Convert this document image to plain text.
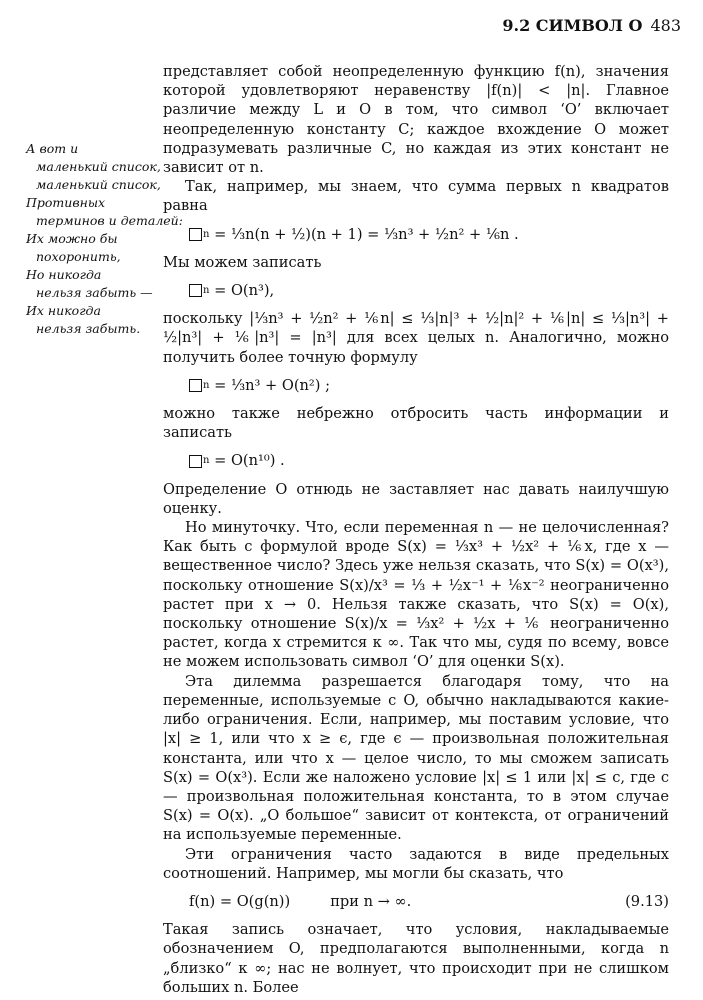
9.2 СИМВОЛ O 483
А вот и
маленький список,
маленький список,
Противных
терминов и деталей:
Их можно бы
похоронить,
Но никогда
нельзя забыть —
Их никогда
нельзя забыть.

представляет собой неопределенную функцию f(n), значения которой удовлетворяют неравенству |f(n)| < |n|. Главное различие между L и O в том, что символ ‘O’ включает неопределенную константу C; каждое вхождение O может подразумевать различные C, но каждая из этих констант не зависит от n.

Так, например, мы знаем, что сумма первых n квадратов равна

n
= ⅓n(n + ½)(n + 1) = ⅓n³ + ½n² + ⅙n .

Мы можем записать

n
= O(n³),

поскольку |⅓n³ + ½n² + ⅙n| ≤ ⅓|n|³ + ½|n|² + ⅙|n| ≤ ⅓|n³| + ½|n³| + ⅙|n³| = |n³| для всех целых n. Аналогично, можно получить более точную формулу

n
= ⅓n³ + O(n²) ;

можно также небрежно отбросить часть информации и записать

n
= O(n¹⁰) .

Определение O отнюдь не заставляет нас давать наилучшую оценку.

Но минуточку. Что, если переменная n — не целочисленная? Как быть с формулой вроде S(x) = ⅓x³ + ½x² + ⅙x, где x — вещественное число? Здесь уже нельзя сказать, что S(x) = O(x³), поскольку отношение S(x)/x³ = ⅓ + ½x⁻¹ + ⅙x⁻² неограниченно растет при x → 0. Нельзя также сказать, что S(x) = O(x), поскольку отношение S(x)/x = ⅓x² + ½x + ⅙ неограниченно растет, когда x стремится к ∞. Так что мы, судя по всему, вовсе не можем использовать символ ‘O’ для оценки S(x).

Эта дилемма разрешается благодаря тому, что на переменные, используемые с O, обычно накладываются какие-либо ограничения. Если, например, мы поставим условие, что |x| ≥ 1, или что x ≥ ϵ, где ϵ — произвольная положительная константа, или что x — целое число, то мы сможем записать S(x) = O(x³). Если же наложено условие |x| ≤ 1 или |x| ≤ c, где c — произвольная положительная константа, то в этом случае S(x) = O(x). „O большое“ зависит от контекста, от ограничений на используемые переменные.

Эти ограничения часто задаются в виде предельных соотношений. Например, мы могли бы сказать, что

f(n) = O(g(n))	при n → ∞.	(9.13)

Такая запись означает, что условия, накладываемые обозначением O, предполагаются выполненными, когда n „близко“ к ∞; нас не волнует, что происходит при не слишком больших n. Более
